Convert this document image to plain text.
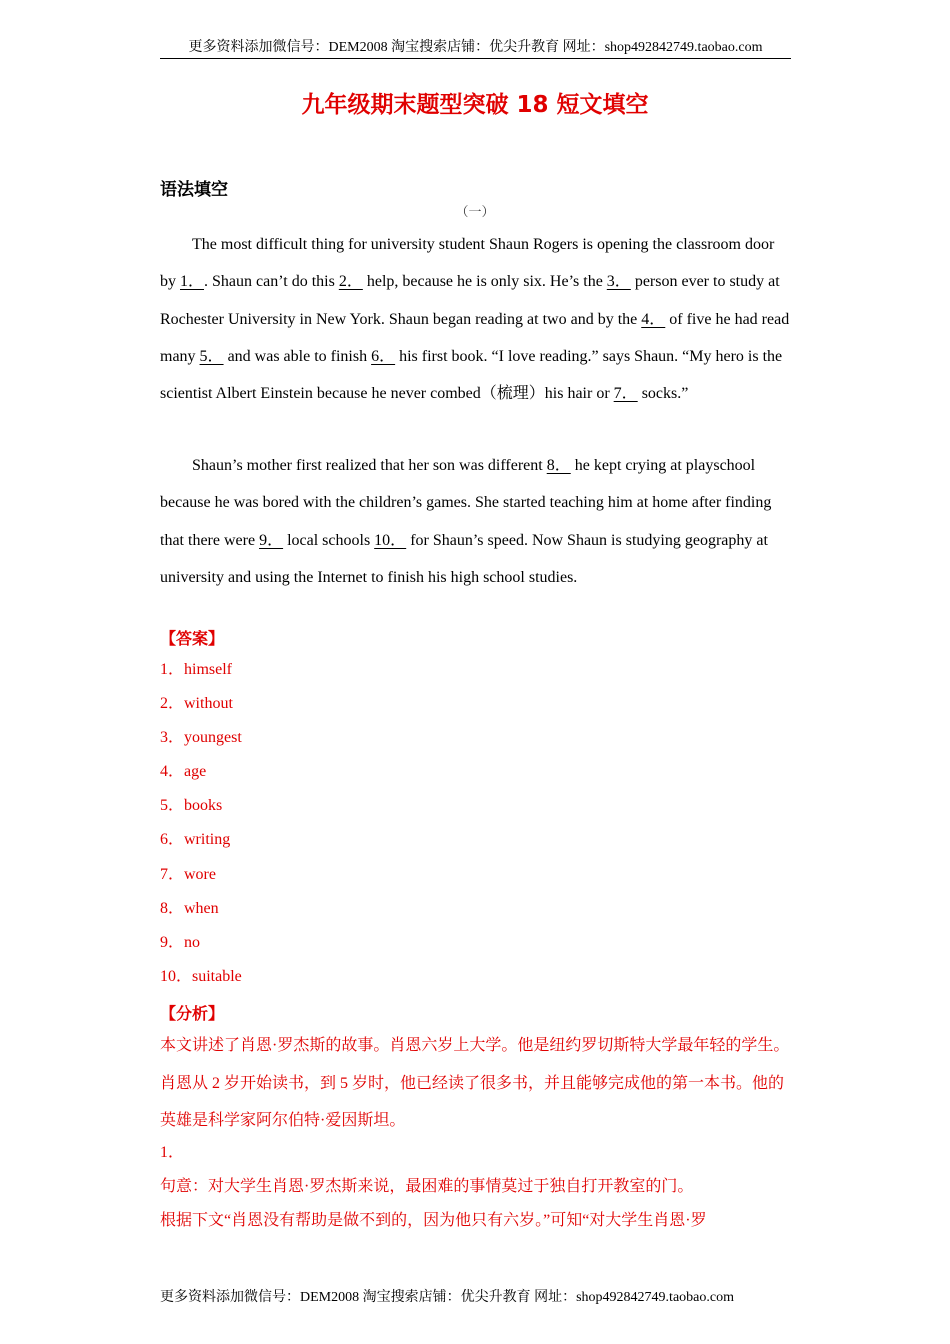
更多资料添加微信号：DEM2008 淘宝搜索店铺：优尖升教育 网址：shop492842749.taobao.com
九年级期末题型突破 18 短文填空
语法填空
（一）

The most difficult thing for university student Shaun Rogers is opening the classroom door by 1．. Shaun can’t do this 2． help, because he is only six. He’s the 3． person ever to study at Rochester University in New York. Shaun began reading at two and by the 4． of five he had read many 5． and was able to finish 6． his first book. “I love reading.” says Shaun. “My hero is the scientist Albert Einstein because he never combed（梳理）his hair or 7． socks.”

Shaun’s mother first realized that her son was different 8． he kept crying at playschool because he was bored with the children’s games. She started teaching him at home after finding that there were 9． local schools 10． for Shaun’s speed. Now Shaun is studying geography at university and using the Internet to finish his high school studies.

【答案】
1．himself
2．without
3．youngest
4．age
5．books
6．writing
7．wore
8．when
9．no
10．suitable
【分析】

本文讲述了肖恩·罗杰斯的故事。肖恩六岁上大学。他是纽约罗切斯特大学最年轻的学生。肖恩从 2 岁开始读书，到 5 岁时，他已经读了很多书，并且能够完成他的第一本书。他的英雄是科学家阿尔伯特·爱因斯坦。

1．
句意：对大学生肖恩·罗杰斯来说，最困难的事情莫过于独自打开教室的门。
根据下文“肖恩没有帮助是做不到的，因为他只有六岁。”可知“对大学生肖恩·罗
更多资料添加微信号：DEM2008 淘宝搜索店铺：优尖升教育 网址：shop492842749.taobao.com
